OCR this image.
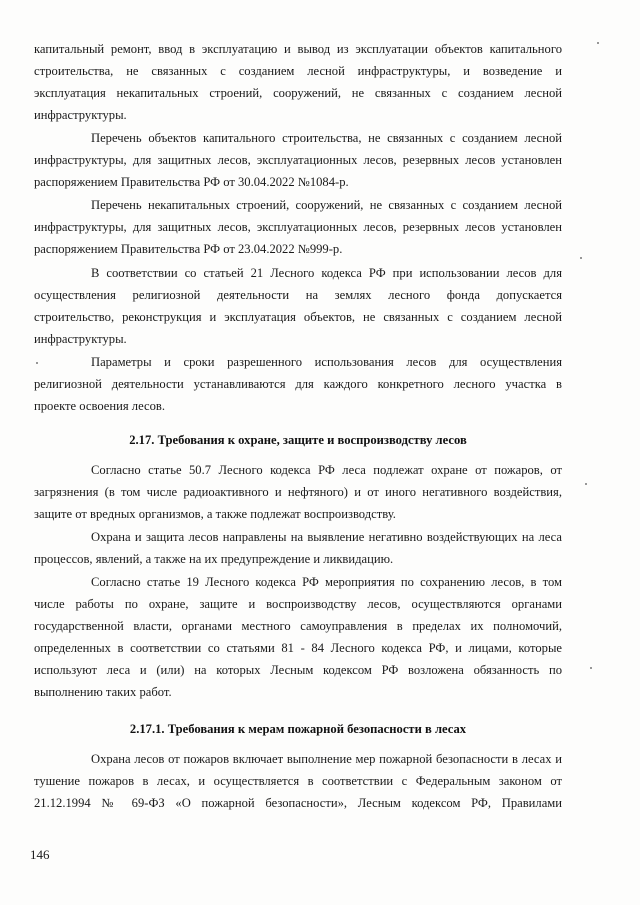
капитальный ремонт, ввод в эксплуатацию и вывод из эксплуатации объектов капитального
строительства, не связанных с созданием лесной инфраструктуры, и возведение и
эксплуатация некапитальных строений, сооружений, не связанных с созданием лесной
инфраструктуры.
Перечень объектов капитального строительства, не связанных с созданием лесной
инфраструктуры, для защитных лесов, эксплуатационных лесов, резервных лесов установлен
распоряжением Правительства РФ от 30.04.2022 №1084-р.
Перечень некапитальных строений, сооружений, не связанных с созданием лесной
инфраструктуры, для защитных лесов, эксплуатационных лесов, резервных лесов установлен
распоряжением Правительства РФ от 23.04.2022 №999-р.
В соответствии со статьей 21 Лесного кодекса РФ при использовании лесов для
осуществления религиозной деятельности на землях лесного фонда допускается
строительство, реконструкция и эксплуатация объектов, не связанных с созданием лесной
инфраструктуры.
Параметры и сроки разрешенного использования лесов для осуществления
религиозной деятельности устанавливаются для каждого конкретного лесного участка в
проекте освоения лесов.
2.17. Требования к охране, защите и воспроизводству лесов
Согласно статье 50.7 Лесного кодекса РФ леса подлежат охране от пожаров, от
загрязнения (в том числе радиоактивного и нефтяного) и от иного негативного воздействия,
защите от вредных организмов, а также подлежат воспроизводству.
Охрана и защита лесов направлены на выявление негативно воздействующих на леса
процессов, явлений, а также на их предупреждение и ликвидацию.
Согласно статье 19 Лесного кодекса РФ мероприятия по сохранению лесов, в том
числе работы по охране, защите и воспроизводству лесов, осуществляются органами
государственной власти, органами местного самоуправления в пределах их полномочий,
определенных в соответствии со статьями 81 - 84 Лесного кодекса РФ, и лицами, которые
используют леса и (или) на которых Лесным кодексом РФ возложена обязанность по
выполнению таких работ.
2.17.1. Требования к мерам пожарной безопасности в лесах
Охрана лесов от пожаров включает выполнение мер пожарной безопасности в лесах и
тушение пожаров в лесах, и осуществляется в соответствии с Федеральным законом от
21.12.1994 № 69-ФЗ «О пожарной безопасности», Лесным кодексом РФ, Правилами
146
